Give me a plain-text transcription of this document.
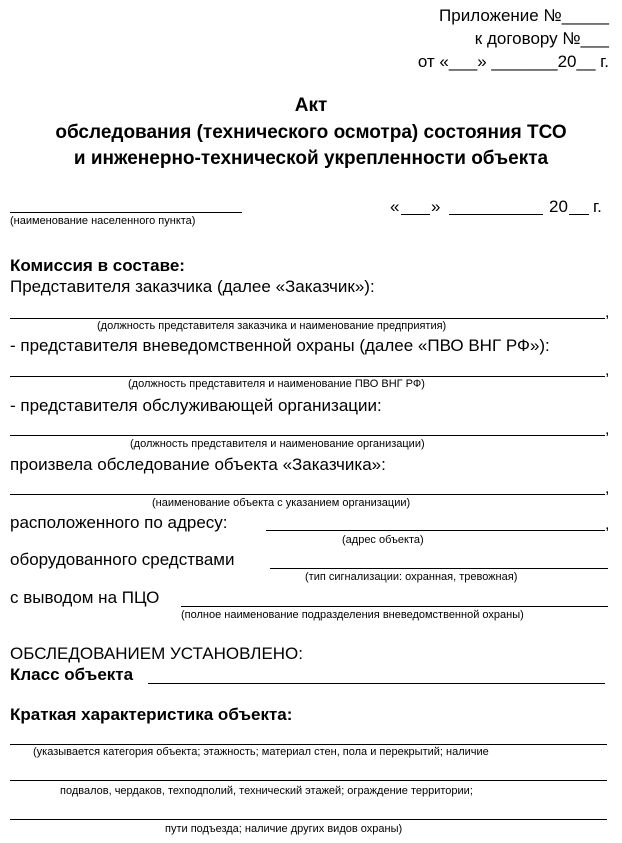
Приложение №_____
к договору №___
от «___» _______20__ г.
Акт
обследования (технического осмотра) состояния ТСО
и инженерно-технической укрепленности объекта
(наименование населенного пункта)
« »	20 г.
Комиссия в составе:
Представителя заказчика (далее «Заказчик»):
,
(должность представителя заказчика и наименование предприятия)
- представителя вневедомственной охраны (далее «ПВО ВНГ РФ»):
,
(должность представителя и наименование ПВО ВНГ РФ)
- представителя обслуживающей организации:
,
(должность представителя и наименование организации)
произвела обследование объекта «Заказчика»:
,
(наименование объекта с указанием организации)
расположенного по адресу:	,
(адрес объекта)
оборудованного средствами
(тип сигнализации: охранная, тревожная)
с выводом на ПЦО
(полное наименование подразделения вневедомственной охраны)
ОБСЛЕДОВАНИЕМ УСТАНОВЛЕНО:
Класс объекта
Краткая характеристика объекта:
(указывается категория объекта; этажность; материал стен, пола и перекрытий; наличие
подвалов, чердаков, техподполий, технический этажей; ограждение территории;
пути подъезда; наличие других видов охраны)
